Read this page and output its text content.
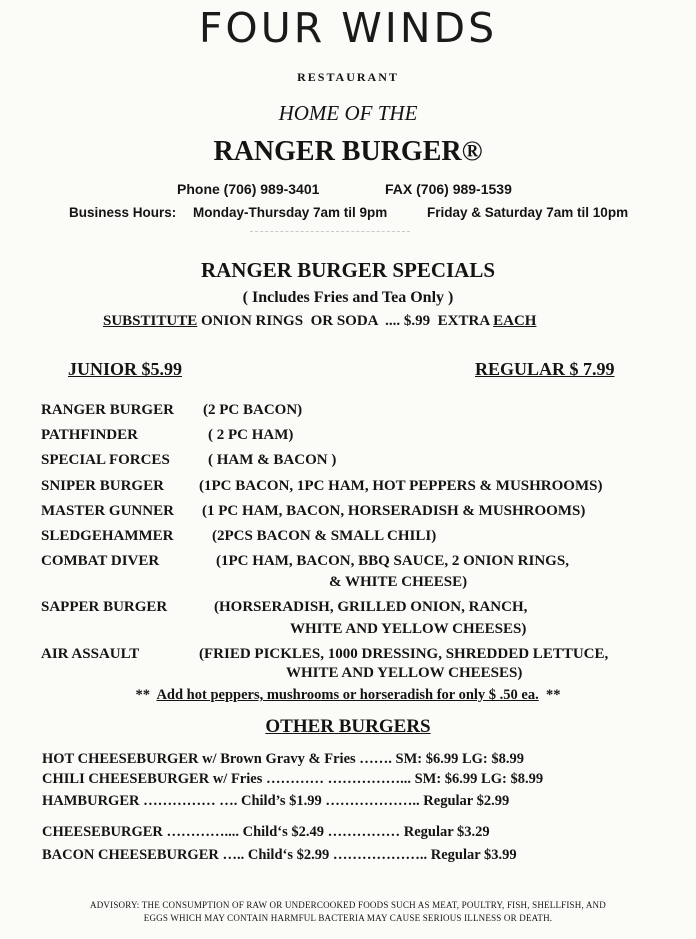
FOUR WINDS
RESTAURANT
HOME OF THE
RANGER BURGER®
Phone (706) 989-3401	FAX (706) 989-1539
Business Hours: Monday-Thursday 7am til 9pm	Friday & Saturday 7am til 10pm
RANGER BURGER SPECIALS
( Includes Fries and Tea Only )
SUBSTITUTE ONION RINGS  OR SODA  .... $.99  EXTRA EACH
JUNIOR $5.99	REGULAR $ 7.99
RANGER BURGER (2 PC BACON)
PATHFINDER	( 2 PC HAM)
SPECIAL FORCES	( HAM & BACON )
SNIPER BURGER (1PC BACON, 1PC HAM, HOT PEPPERS & MUSHROOMS)
MASTER GUNNER (1 PC HAM, BACON, HORSERADISH & MUSHROOMS)
SLEDGEHAMMER	(2PCS BACON & SMALL CHILI)
COMBAT DIVER	(1PC HAM, BACON, BBQ SAUCE, 2 ONION RINGS,
& WHITE CHEESE)
SAPPER BURGER	(HORSERADISH, GRILLED ONION, RANCH,
WHITE AND YELLOW CHEESES)
AIR ASSAULT	(FRIED PICKLES, 1000 DRESSING, SHREDDED LETTUCE,
WHITE AND YELLOW CHEESES)
**  Add hot peppers, mushrooms or horseradish for only $ .50 ea.  **
OTHER BURGERS
HOT CHEESEBURGER w/ Brown Gravy & Fries ……. SM: $6.99 LG: $8.99
CHILI CHEESEBURGER w/ Fries ………… ……………... SM: $6.99 LG: $8.99
HAMBURGER …………… …. Child’s $1.99 ……………….. Regular $2.99
CHEESEBURGER ………….... Child‘s $2.49 …………… Regular $3.29
BACON CHEESEBURGER ….. Child‘s $2.99 ……………….. Regular $3.99
ADVISORY: THE CONSUMPTION OF RAW OR UNDERCOOKED FOODS SUCH AS MEAT, POULTRY, FISH, SHELLFISH, AND
EGGS WHICH MAY CONTAIN HARMFUL BACTERIA MAY CAUSE SERIOUS ILLNESS OR DEATH.
